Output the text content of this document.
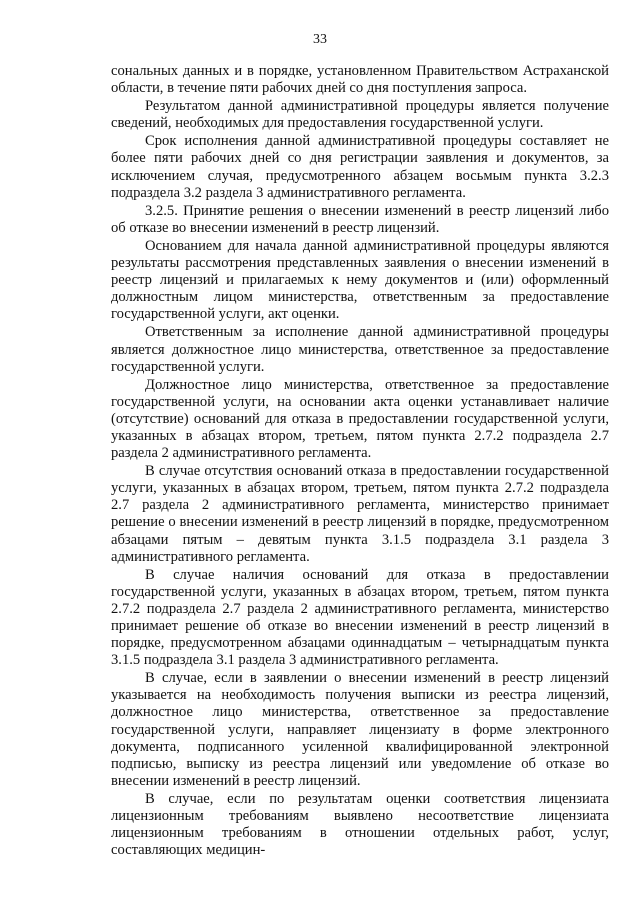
33

сональных данных и в порядке, установленном Правительством Астраханской области, в течение пяти рабочих дней со дня поступления запроса.

Результатом данной административной процедуры является получение сведений, необходимых для предоставления государственной услуги.

Срок исполнения данной административной процедуры составляет не более пяти рабочих дней со дня регистрации заявления и документов, за исключением случая, предусмотренного абзацем восьмым пункта 3.2.3 подраздела 3.2 раздела 3 административного регламента.

3.2.5. Принятие решения о внесении изменений в реестр лицензий либо об отказе во внесении изменений в реестр лицензий.

Основанием для начала данной административной процедуры являются результаты рассмотрения представленных заявления о внесении изменений в реестр лицензий и прилагаемых к нему документов и (или) оформленный должностным лицом министерства, ответственным за предоставление государственной услуги, акт оценки.

Ответственным за исполнение данной административной процедуры является должностное лицо министерства, ответственное за предоставление государственной услуги.

Должностное лицо министерства, ответственное за предоставление государственной услуги, на основании акта оценки устанавливает наличие (отсутствие) оснований для отказа в предоставлении государственной услуги, указанных в абзацах втором, третьем, пятом пункта 2.7.2 подраздела 2.7 раздела 2 административного регламента.

В случае отсутствия оснований отказа в предоставлении государственной услуги, указанных в абзацах втором, третьем, пятом пункта 2.7.2 подраздела 2.7 раздела 2 административного регламента, министерство принимает решение о внесении изменений в реестр лицензий в порядке, предусмотренном абзацами пятым – девятым пункта 3.1.5 подраздела 3.1 раздела 3 административного регламента.

В случае наличия оснований для отказа в предоставлении государственной услуги, указанных в абзацах втором, третьем, пятом пункта 2.7.2 подраздела 2.7 раздела 2 административного регламента, министерство принимает решение об отказе во внесении изменений в реестр лицензий в порядке, предусмотренном абзацами одиннадцатым – четырнадцатым пункта 3.1.5 подраздела 3.1 раздела 3 административного регламента.

В случае, если в заявлении о внесении изменений в реестр лицензий указывается на необходимость получения выписки из реестра лицензий, должностное лицо министерства, ответственное за предоставление государственной услуги, направляет лицензиату в форме электронного документа, подписанного усиленной квалифицированной электронной подписью, выписку из реестра лицензий или уведомление об отказе во внесении изменений в реестр лицензий.

В случае, если по результатам оценки соответствия лицензиата лицензионным требованиям выявлено несоответствие лицензиата лицензионным требованиям в отношении отдельных работ, услуг, составляющих медицин-
